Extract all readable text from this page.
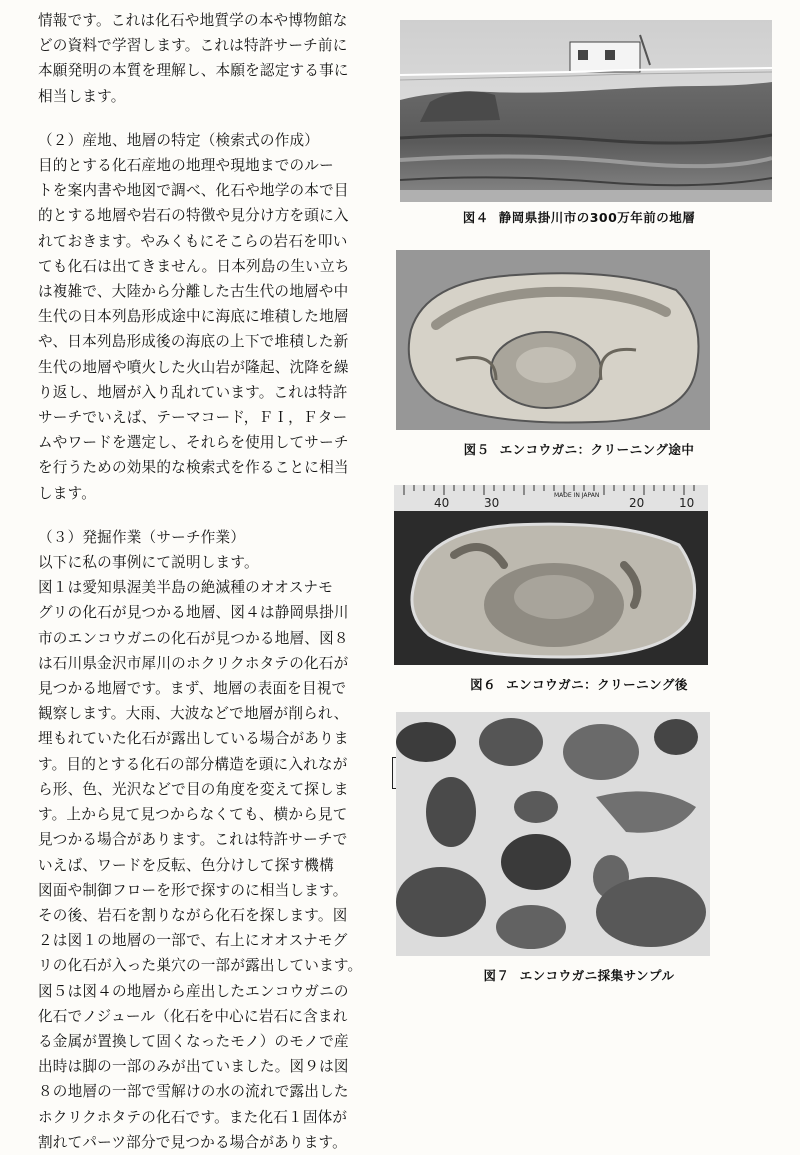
情報です。これは化石や地質学の本や博物館な
どの資料で学習します。これは特許サーチ前に
本願発明の本質を理解し、本願を認定する事に
相当します。

（２）産地、地層の特定（検索式の作成）

目的とする化石産地の地理や現地までのルー
トを案内書や地図で調べ、化石や地学の本で目
的とする地層や岩石の特徴や見分け方を頭に入
れておきます。やみくもにそこらの岩石を叩い
ても化石は出てきません。日本列島の生い立ち
は複雑で、大陸から分離した古生代の地層や中
生代の日本列島形成途中に海底に堆積した地層
や、日本列島形成後の海底の上下で堆積した新
生代の地層や噴火した火山岩が隆起、沈降を繰
り返し、地層が入り乱れています。これは特許
サーチでいえば、テーマコード，ＦＩ，Ｆター
ムやワードを選定し、それらを使用してサーチ
を行うための効果的な検索式を作ることに相当
します。

（３）発掘作業（サーチ作業）

以下に私の事例にて説明します。
図１は愛知県渥美半島の絶滅種のオオスナモ
グリの化石が見つかる地層、図４は静岡県掛川
市のエンコウガニの化石が見つかる地層、図８
は石川県金沢市犀川のホクリクホタテの化石が
見つかる地層です。まず、地層の表面を目視で
観察します。大雨、大波などで地層が削られ、
埋もれていた化石が露出している場合がありま
す。目的とする化石の部分構造を頭に入れなが
ら形、色、光沢などで目の角度を変えて探しま
す。上から見て見つからなくても、横から見て
見つかる場合があります。これは特許サーチで
いえば、ワードを反転、色分けして探す機構
図面や制御フローを形で探すのに相当します。
その後、岩石を割りながら化石を探します。図
２は図１の地層の一部で、右上にオオスナモグ
リの化石が入った巣穴の一部が露出しています。
図５は図４の地層から産出したエンコウガニの
化石でノジュール（化石を中心に岩石に含まれ
る金属が置換して固くなったモノ）のモノで産
出時は脚の一部のみが出ていました。図９は図
８の地層の一部で雪解けの水の流れで露出した
ホクリクホタテの化石です。また化石１固体が
割れてパーツ部分で見つかる場合があります。

図４ 静岡県掛川市の300万年前の地層
図５ エンコウガニ：クリーニング途中
40	30	20	10
MADE IN JAPAN
図６ エンコウガニ：クリーニング後
図７ エンコウガニ採集サンプル
